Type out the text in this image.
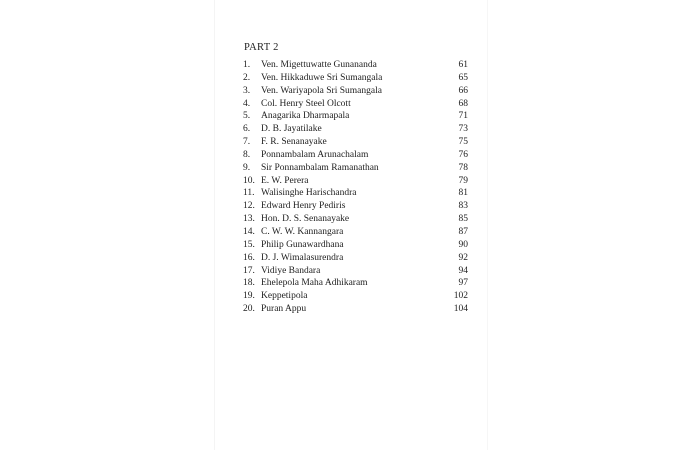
PART 2

1. Ven. Migettuwatte Gunananda	61
2. Ven. Hikkaduwe Sri Sumangala	65
3. Ven. Wariyapola Sri Sumangala	66
4. Col. Henry Steel Olcott	68
5. Anagarika Dharmapala	71
6. D. B. Jayatilake	73
7. F. R. Senanayake	75
8. Ponnambalam Arunachalam	76
9. Sir Ponnambalam Ramanathan	78
10. E. W. Perera	79
11. Walisinghe Harischandra	81
12. Edward Henry Pediris	83
13. Hon. D. S. Senanayake	85
14. C. W. W. Kannangara	87
15. Philip Gunawardhana	90
16. D. J. Wimalasurendra	92
17. Vidiye Bandara	94
18. Ehelepola Maha Adhikaram	97
19. Keppetipola	102
20. Puran Appu	104
